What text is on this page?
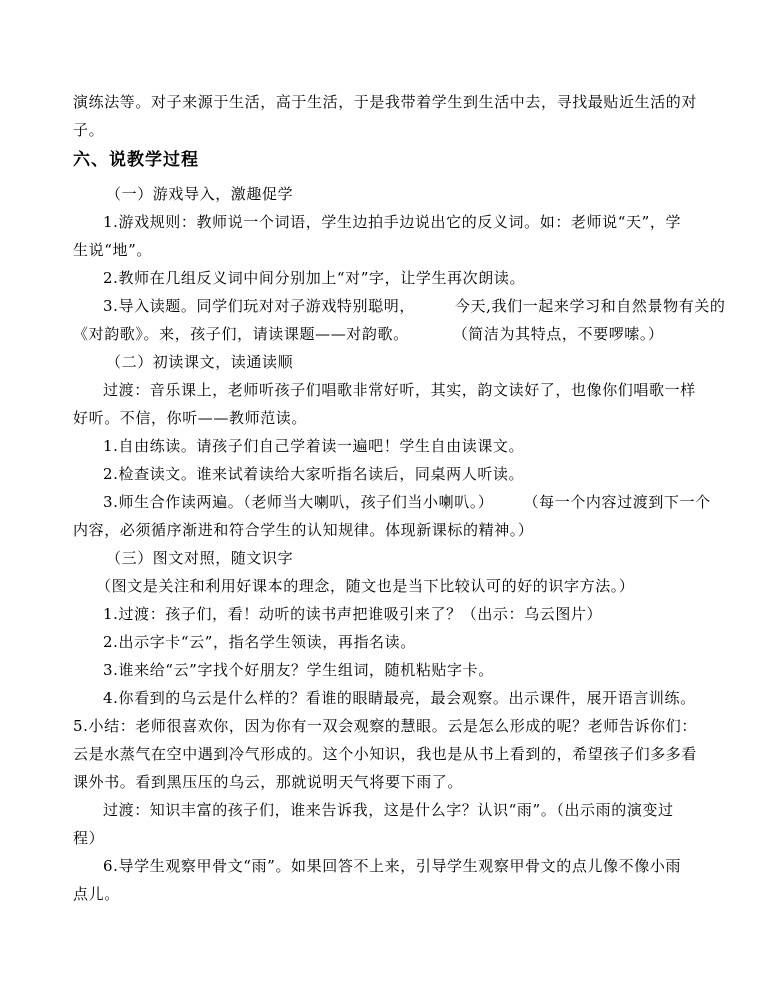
演练法等。对子来源于生活，高于生活，于是我带着学生到生活中去，寻找最贴近生活的对
子。
六、说教学过程
（一）游戏导入，激趣促学
1.游戏规则：教师说一个词语，学生边拍手边说出它的反义词。如：老师说“天”，学
生说“地”。
2.教师在几组反义词中间分别加上“对”字，让学生再次朗读。
3.导入读题。同学们玩对对子游戏特别聪明，	今天,我们一起来学习和自然景物有关的
《对韵歌》。来，孩子们，请读课题——对韵歌。	（简洁为其特点，不要啰嗦。）
（二）初读课文，读通读顺
过渡：音乐课上，老师听孩子们唱歌非常好听，其实，韵文读好了，也像你们唱歌一样
好听。不信，你听——教师范读。
1.自由练读。请孩子们自己学着读一遍吧！学生自由读课文。
2.检查读文。谁来试着读给大家听指名读后，同桌两人听读。
3.师生合作读两遍。（老师当大喇叭，孩子们当小喇叭。） （每一个内容过渡到下一个
内容，必须循序渐进和符合学生的认知规律。体现新课标的精神。）
（三）图文对照，随文识字
（图文是关注和利用好课本的理念，随文也是当下比较认可的好的识字方法。）
1.过渡：孩子们，看！动听的读书声把谁吸引来了？（出示：乌云图片）
2.出示字卡“云”，指名学生领读，再指名读。
3.谁来给“云”字找个好朋友？学生组词，随机粘贴字卡。
4.你看到的乌云是什么样的？看谁的眼睛最亮，最会观察。出示课件，展开语言训练。
5.小结：老师很喜欢你，因为你有一双会观察的慧眼。云是怎么形成的呢？老师告诉你们：
云是水蒸气在空中遇到冷气形成的。这个小知识，我也是从书上看到的，希望孩子们多多看
课外书。看到黑压压的乌云，那就说明天气将要下雨了。
过渡：知识丰富的孩子们，谁来告诉我，这是什么字？认识“雨”。（出示雨的演变过
程）
6.导学生观察甲骨文“雨”。如果回答不上来，引导学生观察甲骨文的点儿像不像小雨
点儿。
